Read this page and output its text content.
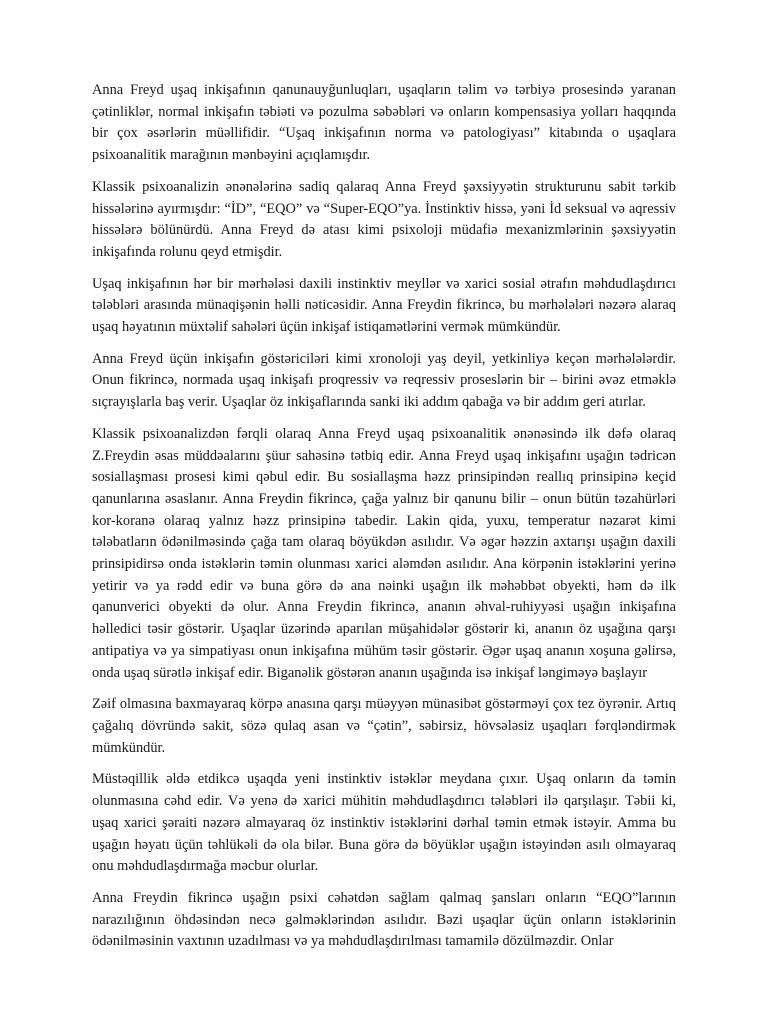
Anna Freyd uşaq inkişafının qanunauyğunluqları, uşaqların təlim və tərbiyə prosesində yaranan çətinliklər, normal inkişafın təbiəti və pozulma səbəbləri və onların kompensasiya yolları haqqında bir çox əsərlərin müəllifidir. “Uşaq inkişafının norma və patologiyası” kitabında o uşaqlara psixoanalitik marağının mənbəyini açıqlamışdır.

Klassik psixoanalizin ənənələrinə sadiq qalaraq Anna Freyd şəxsiyyətin strukturunu sabit tərkib hissələrinə ayırmışdır: “İD”, “EQO” və “Super-EQO”ya. İnstinktiv hissə, yəni İd seksual və aqressiv hissələrə bölünürdü. Anna Freyd də atası kimi psixoloji müdafiə mexanizmlərinin şəxsiyyətin inkişafında rolunu qeyd etmişdir.

Uşaq inkişafının hər bir mərhələsi daxili instinktiv meyllər və xarici sosial ətrafın məhdudlaşdırıcı tələbləri arasında münaqişənin həlli nəticəsidir. Anna Freydin fikrincə, bu mərhələləri nəzərə alaraq uşaq həyatının müxtəlif sahələri üçün inkişaf istiqamətlərini vermək mümkündür.

Anna Freyd üçün inkişafın göstəriciləri kimi xronoloji yaş deyil, yetkinliyə keçən mərhələlərdir. Onun fikrincə, normada uşaq inkişafı proqressiv və reqressiv proseslərin bir – birini əvəz etməklə sıçrayışlarla baş verir. Uşaqlar öz inkişaflarında sanki iki addım qabağa və bir addım geri atırlar.

Klassik psixoanalizdən fərqli olaraq Anna Freyd uşaq psixoanalitik ənənəsində ilk dəfə olaraq Z.Freydin əsas müddəalarını şüur sahəsinə tətbiq edir. Anna Freyd uşaq inkişafını uşağın tədricən sosiallaşması prosesi kimi qəbul edir. Bu sosiallaşma həzz prinsipindən reallıq prinsipinə keçid qanunlarına əsaslanır. Anna Freydin fikrincə, çağa yalnız bir qanunu bilir – onun bütün təzahürləri kor-koranə olaraq yalnız həzz prinsipinə tabedir. Lakin qida, yuxu, temperatur nəzarət kimi tələbatların ödənilməsində çağa tam olaraq böyükdən asılıdır. Və əgər həzzin axtarışı uşağın daxili prinsipidirsə onda istəklərin təmin olunması xarici aləmdən asılıdır. Ana körpənin istəklərini yerinə yetirir və ya rədd edir və buna görə də ana nəinki uşağın ilk məhəbbət obyekti, həm də ilk qanunverici obyekti də olur. Anna Freydin fikrincə, ananın əhval-ruhiyyəsi uşağın inkişafına həlledici təsir göstərir. Uşaqlar üzərində aparılan müşahidələr göstərir ki, ananın öz uşağına qarşı antipatiya və ya simpatiyası onun inkişafına mühüm təsir göstərir. Əgər uşaq ananın xoşuna gəlirsə, onda uşaq sürətlə inkişaf edir. Biganəlik göstərən ananın uşağında isə inkişaf ləngiməyə başlayır

Zəif olmasına baxmayaraq körpə anasına qarşı müəyyən münasibət göstərməyi çox tez öyrənir. Artıq çağalıq dövründə sakit, sözə qulaq asan və “çətin”, səbirsiz, hövsələsiz uşaqları fərqləndirmək mümkündür.

Müstəqillik əldə etdikcə uşaqda yeni instinktiv istəklər meydana çıxır. Uşaq onların da təmin olunmasına cəhd edir. Və yenə də xarici mühitin məhdudlaşdırıcı tələbləri ilə qarşılaşır. Təbii ki, uşaq xarici şəraiti nəzərə almayaraq öz instinktiv istəklərini dərhal təmin etmək istəyir. Amma bu uşağın həyatı üçün təhlükəli də ola bilər. Buna görə də böyüklər uşağın istəyindən asılı olmayaraq onu məhdudlaşdırmağa məcbur olurlar.

Anna Freydin fikrincə uşağın psixi cəhətdən sağlam qalmaq şansları onların “EQO”larının narazılığının öhdəsindən necə gəlməklərindən asılıdır. Bəzi uşaqlar üçün onların istəklərinin ödənilməsinin vaxtının uzadılması və ya məhdudlaşdırılması tamamilə dözülməzdir. Onlar
